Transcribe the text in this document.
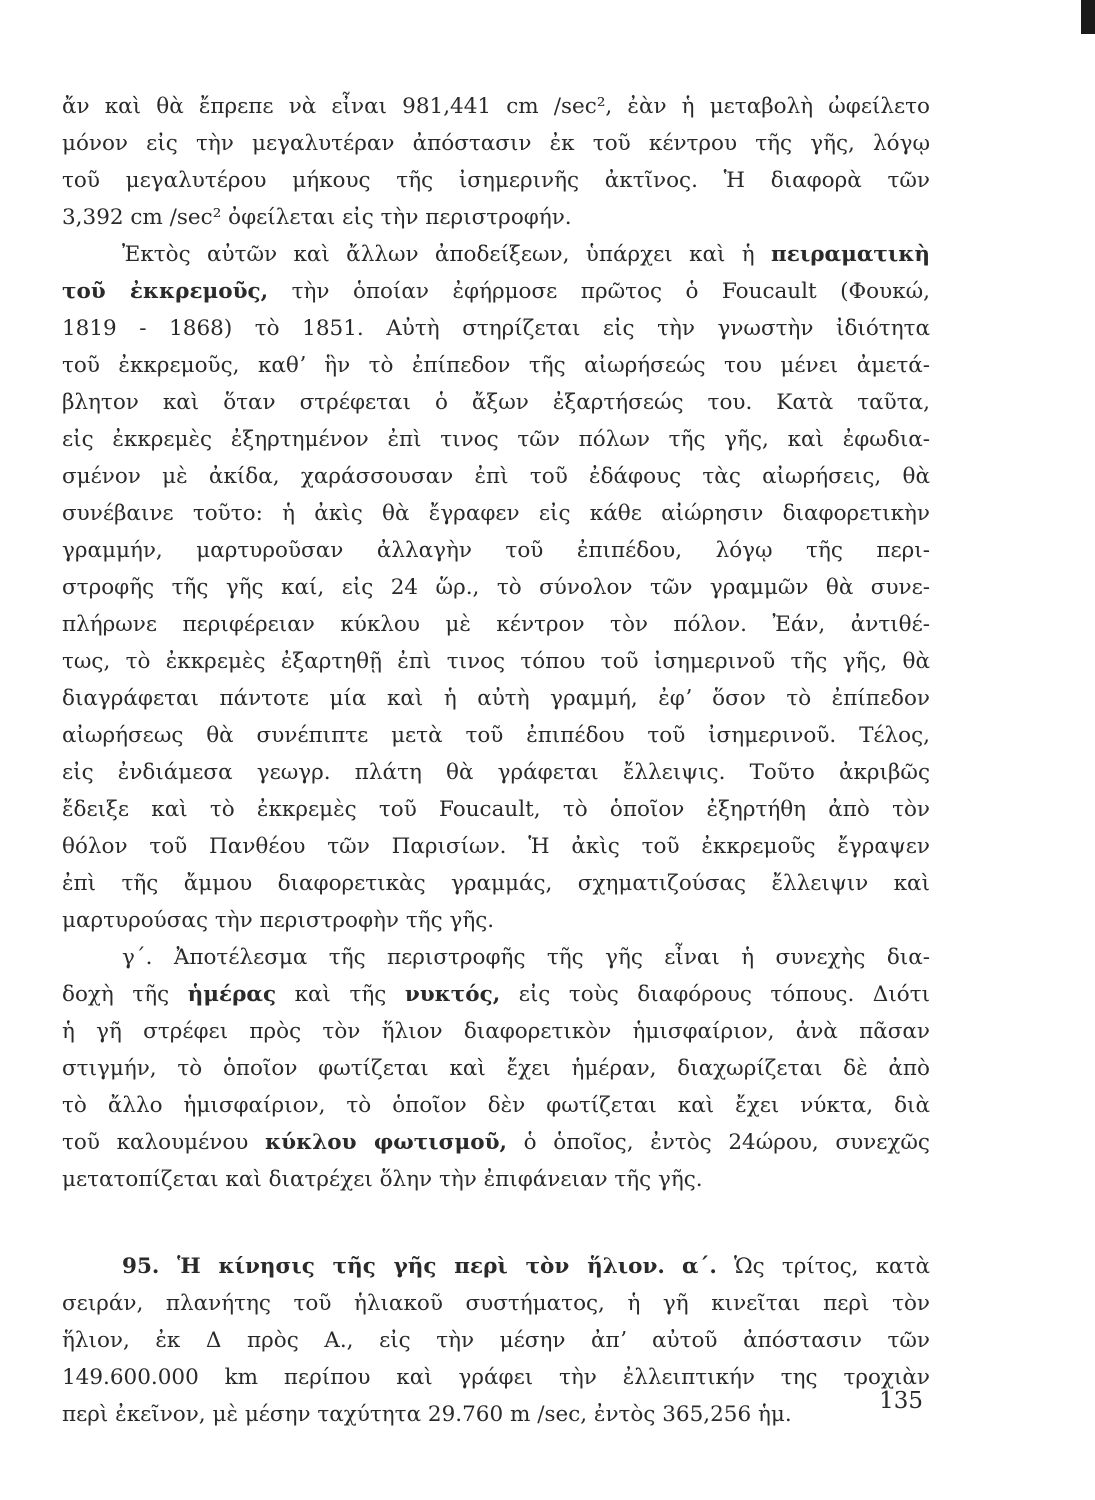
ἄν καὶ θὰ ἔπρεπε νὰ εἶναι 981,441 cm /sec², ἐὰν ἡ μεταβολὴ ὠφείλετο
μόνον εἰς τὴν μεγαλυτέραν ἀπόστασιν ἐκ τοῦ κέντρου τῆς γῆς, λόγῳ
τοῦ μεγαλυτέρου μήκους τῆς ἰσημερινῆς ἀκτῖνος. Ἡ διαφορὰ τῶν
3,392 cm /sec² ὀφείλεται εἰς τὴν περιστροφήν.
Ἐκτὸς αὐτῶν καὶ ἄλλων ἀποδείξεων, ὑπάρχει καὶ ἡ πειραματικὴ
τοῦ ἐκκρεμοῦς, τὴν ὁποίαν ἐφήρμοσε πρῶτος ὁ Foucault (Φουκώ,
1819 - 1868) τὸ 1851. Αὐτὴ στηρίζεται εἰς τὴν γνωστὴν ἰδιότητα
τοῦ ἐκκρεμοῦς, καθʼ ἣν τὸ ἐπίπεδον τῆς αἰωρήσεώς του μένει ἀμετά-
βλητον καὶ ὅταν στρέφεται ὁ ἄξων ἐξαρτήσεώς του. Κατὰ ταῦτα,
εἰς ἐκκρεμὲς ἐξηρτημένον ἐπὶ τινος τῶν πόλων τῆς γῆς, καὶ ἐφωδια-
σμένον μὲ ἀκίδα, χαράσσουσαν ἐπὶ τοῦ ἐδάφους τὰς αἰωρήσεις, θὰ
συνέβαινε τοῦτο: ἡ ἀκὶς θὰ ἔγραφεν εἰς κάθε αἰώρησιν διαφορετικὴν
γραμμήν, μαρτυροῦσαν ἀλλαγὴν τοῦ ἐπιπέδου, λόγῳ τῆς περι-
στροφῆς τῆς γῆς καί, εἰς 24 ὥρ., τὸ σύνολον τῶν γραμμῶν θὰ συνε-
πλήρωνε περιφέρειαν κύκλου μὲ κέντρον τὸν πόλον. Ἐάν, ἀντιθέ-
τως, τὸ ἐκκρεμὲς ἐξαρτηθῇ ἐπὶ τινος τόπου τοῦ ἰσημερινοῦ τῆς γῆς, θὰ
διαγράφεται πάντοτε μία καὶ ἡ αὐτὴ γραμμή, ἐφʼ ὅσον τὸ ἐπίπεδον
αἰωρήσεως θὰ συνέπιπτε μετὰ τοῦ ἐπιπέδου τοῦ ἰσημερινοῦ. Τέλος,
εἰς ἐνδιάμεσα γεωγρ. πλάτη θὰ γράφεται ἔλλειψις. Τοῦτο ἀκριβῶς
ἔδειξε καὶ τὸ ἐκκρεμὲς τοῦ Foucault, τὸ ὁποῖον ἐξηρτήθη ἀπὸ τὸν
θόλον τοῦ Πανθέου τῶν Παρισίων. Ἡ ἀκὶς τοῦ ἐκκρεμοῦς ἔγραψεν
ἐπὶ τῆς ἄμμου διαφορετικὰς γραμμάς, σχηματιζούσας ἔλλειψιν καὶ
μαρτυρούσας τὴν περιστροφὴν τῆς γῆς.
γ΄. Ἀποτέλεσμα τῆς περιστροφῆς τῆς γῆς εἶναι ἡ συνεχὴς δια-
δοχὴ τῆς ἡμέρας καὶ τῆς νυκτός, εἰς τοὺς διαφόρους τόπους. Διότι
ἡ γῆ στρέφει πρὸς τὸν ἥλιον διαφορετικὸν ἡμισφαίριον, ἀνὰ πᾶσαν
στιγμήν, τὸ ὁποῖον φωτίζεται καὶ ἔχει ἡμέραν, διαχωρίζεται δὲ ἀπὸ
τὸ ἄλλο ἡμισφαίριον, τὸ ὁποῖον δὲν φωτίζεται καὶ ἔχει νύκτα, διὰ
τοῦ καλουμένου κύκλου φωτισμοῦ, ὁ ὁποῖος, ἐντὸς 24ώρου, συνεχῶς
μετατοπίζεται καὶ διατρέχει ὅλην τὴν ἐπιφάνειαν τῆς γῆς.
95. Ἡ κίνησις τῆς γῆς περὶ τὸν ἥλιον. α΄. Ὡς τρίτος, κατὰ
σειράν, πλανήτης τοῦ ἡλιακοῦ συστήματος, ἡ γῆ κινεῖται περὶ τὸν
ἥλιον, ἐκ Δ πρὸς Α., εἰς τὴν μέσην ἀπʼ αὐτοῦ ἀπόστασιν τῶν
149.600.000 km περίπου καὶ γράφει τὴν ἐλλειπτικήν της τροχιὰν
περὶ ἐκεῖνον, μὲ μέσην ταχύτητα 29.760 m /sec, ἐντὸς 365,256 ἡμ.
135
